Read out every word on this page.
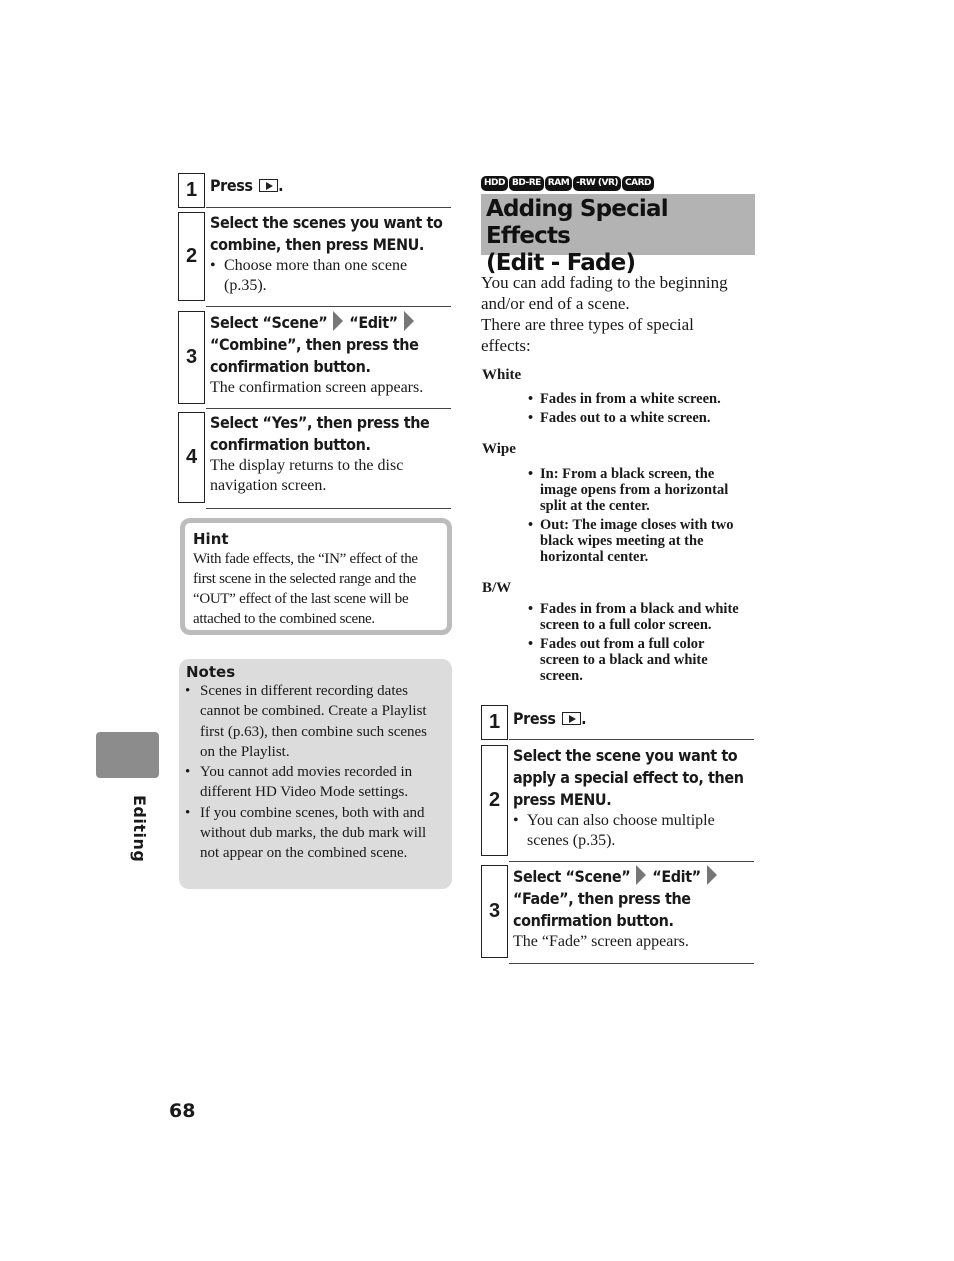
1 Press .
2
Select the scenes you want to
combine, then press MENU.
• Choose more than one scene
(p.35).
3
Select “Scene” “Edit”
“Combine”, then press the
confirmation button.
The confirmation screen appears.
4
Select “Yes”, then press the
confirmation button.
The display returns to the disc
navigation screen.
Hint
With fade effects, the “IN” effect of the
first scene in the selected range and the
“OUT” effect of the last scene will be
attached to the combined scene.
Notes
• Scenes in different recording dates
cannot be combined. Create a Playlist
first (p.63), then combine such scenes
on the Playlist.
• You cannot add movies recorded in
different HD Video Mode settings.
• If you combine scenes, both with and
without dub marks, the dub mark will
not appear on the combined scene.
Editing
68
HDD BD-RE RAM -RW (VR) CARD
Adding Special Effects
(Edit - Fade)
You can add fading to the beginning
and/or end of a scene.
There are three types of special
effects:
White
• Fades in from a white screen.
• Fades out to a white screen.
Wipe
• In: From a black screen, the
image opens from a horizontal
split at the center.
• Out: The image closes with two
black wipes meeting at the
horizontal center.
B/W
• Fades in from a black and white
screen to a full color screen.
• Fades out from a full color
screen to a black and white
screen.
1 Press .
2
Select the scene you want to
apply a special effect to, then
press MENU.
• You can also choose multiple
scenes (p.35).
3
Select “Scene” “Edit”
“Fade”, then press the
confirmation button.
The “Fade” screen appears.
